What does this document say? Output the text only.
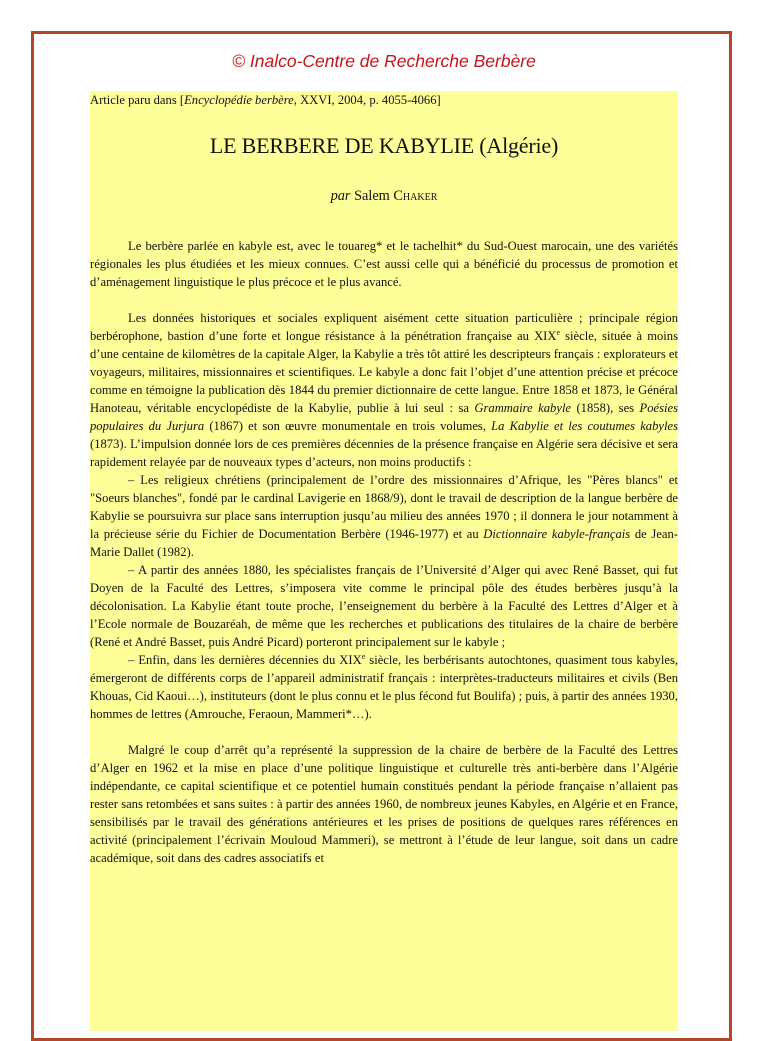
© Inalco-Centre de Recherche Berbère

Article paru dans [Encyclopédie berbère, XXVI, 2004, p. 4055-4066]

LE BERBERE DE KABYLIE (Algérie)
par Salem Chaker

Le berbère parlée en kabyle est, avec le touareg* et le tachelhit* du Sud-Ouest marocain, une des variétés régionales les plus étudiées et les mieux connues. C’est aussi celle qui a bénéficié du processus de promotion et d’aménagement linguistique le plus précoce et le plus avancé.

Les données historiques et sociales expliquent aisément cette situation particulière ; principale région berbérophone, bastion d’une forte et longue résistance à la pénétration française au XIXe siècle, située à moins d’une centaine de kilomètres de la capitale Alger, la Kabylie a très tôt attiré les descripteurs français : explorateurs et voyageurs, militaires, missionnaires et scientifiques. Le kabyle a donc fait l’objet d’une attention précise et précoce comme en témoigne la publication dès 1844 du premier dictionnaire de cette langue. Entre 1858 et 1873, le Général Hanoteau, véritable encyclopédiste de la Kabylie, publie à lui seul : sa Grammaire kabyle (1858), ses Poésies populaires du Jurjura (1867) et son œuvre monumentale en trois volumes, La Kabylie et les coutumes kabyles (1873). L’impulsion donnée lors de ces premières décennies de la présence française en Algérie sera décisive et sera rapidement relayée par de nouveaux types d’acteurs, non moins productifs :

– Les religieux chrétiens (principalement de l’ordre des missionnaires d’Afrique, les "Pères blancs" et "Soeurs blanches", fondé par le cardinal Lavigerie en 1868/9), dont le travail de description de la langue berbère de Kabylie se poursuivra sur place sans interruption jusqu’au milieu des années 1970 ; il donnera le jour notamment à la précieuse série du Fichier de Documentation Berbère (1946-1977) et au Dictionnaire kabyle-français de Jean-Marie Dallet (1982).

– A partir des années 1880, les spécialistes français de l’Université d’Alger qui avec René Basset, qui fut Doyen de la Faculté des Lettres, s’imposera vite comme le principal pôle des études berbères jusqu’à la décolonisation. La Kabylie étant toute proche, l’enseignement du berbère à la Faculté des Lettres d’Alger et à l’Ecole normale de Bouzaréah, de même que les recherches et publications des titulaires de la chaire de berbère (René et André Basset, puis André Picard) porteront principalement sur le kabyle ;

– Enfin, dans les dernières décennies du XIXe siècle, les berbérisants autochtones, quasiment tous kabyles, émergeront de différents corps de l’appareil administratif français : interprètes-traducteurs militaires et civils (Ben Khouas, Cid Kaoui…), instituteurs (dont le plus connu et le plus fécond fut Boulifa) ; puis, à partir des années 1930, hommes de lettres (Amrouche, Feraoun, Mammeri*…).

Malgré le coup d’arrêt qu’a représenté la suppression de la chaire de berbère de la Faculté des Lettres d’Alger en 1962 et la mise en place d’une politique linguistique et culturelle très anti-berbère dans l’Algérie indépendante, ce capital scientifique et ce potentiel humain constitués pendant la période française n’allaient pas rester sans retombées et sans suites : à partir des années 1960, de nombreux jeunes Kabyles, en Algérie et en France, sensibilisés par le travail des générations antérieures et les prises de positions de quelques rares références en activité (principalement l’écrivain Mouloud Mammeri), se mettront à l’étude de leur langue, soit dans un cadre académique, soit dans des cadres associatifs et
